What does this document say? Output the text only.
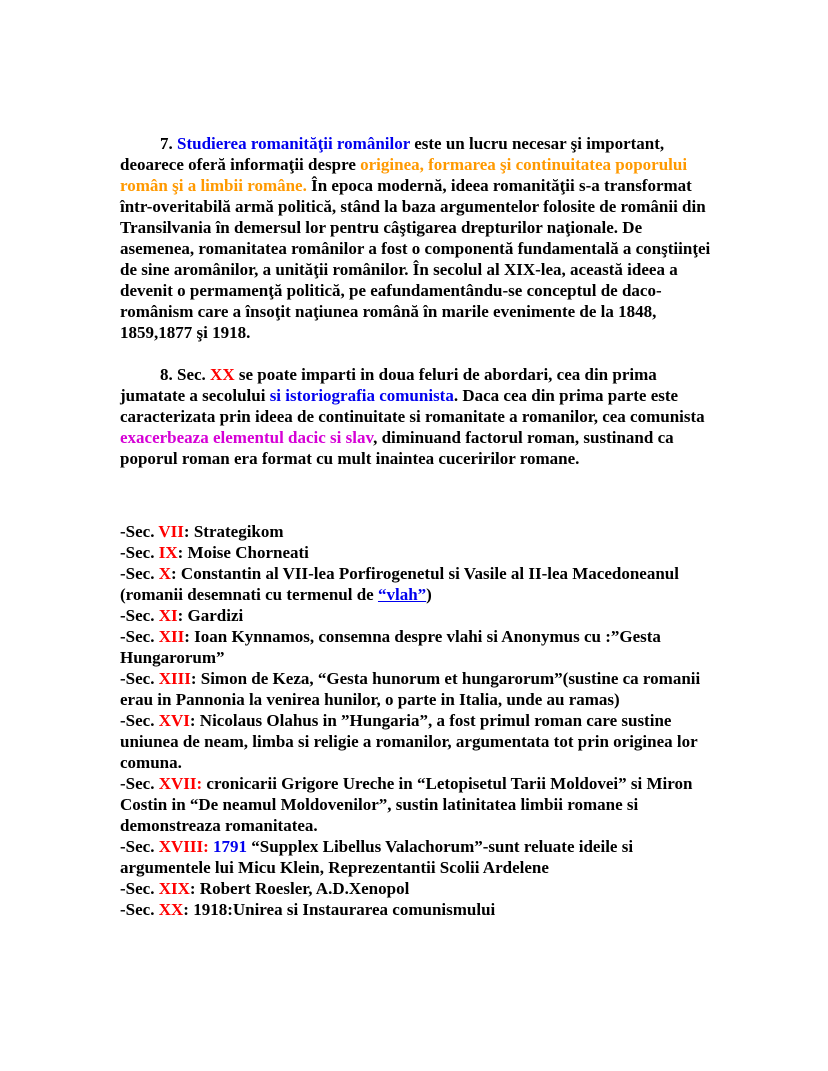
7. Studierea romanităţii românilor este un lucru necesar şi important, deoarece oferă informaţii despre originea, formarea şi continuitatea poporului român şi a limbii române. În epoca modernă, ideea romanităţii s-a transformat într-overitabilă armă politică, stând la baza argumentelor folosite de românii din Transilvania în demersul lor pentru câştigarea drepturilor naţionale. De asemenea, romanitatea românilor a fost o componentă fundamentală a conştiinţei de sine aromânilor, a unităţii românilor. În secolul al XIX-lea, această ideea a devenit o permamenţă politică, pe eafundamentându-se conceptul de daco-românism care a însoţit naţiunea română în marile evenimente de la 1848, 1859,1877 şi 1918.

8. Sec. XX se poate imparti in doua feluri de abordari, cea din prima jumatate a secolului si istoriografia comunista. Daca cea din prima parte este caracterizata prin ideea de continuitate si romanitate a romanilor, cea comunista exacerbeaza elementul dacic si slav, diminuand factorul roman, sustinand ca poporul roman era format cu mult inaintea cuceririlor romane.

-Sec. VII: Strategikom

-Sec. IX: Moise Chorneati

-Sec. X: Constantin al VII-lea Porfirogenetul si Vasile al II-lea Macedoneanul (romanii desemnati cu termenul de “vlah”)

-Sec. XI: Gardizi

-Sec. XII: Ioan Kynnamos, consemna despre vlahi si Anonymus cu :”Gesta Hungarorum”

-Sec. XIII: Simon de Keza, “Gesta hunorum et hungarorum”(sustine ca romanii erau in Pannonia la venirea hunilor, o parte in Italia, unde au ramas)

-Sec. XVI: Nicolaus Olahus in ”Hungaria”, a fost primul roman care sustine uniunea de neam, limba si religie a romanilor, argumentata tot prin originea lor comuna.

-Sec. XVII: cronicarii Grigore Ureche in “Letopisetul Tarii Moldovei” si Miron Costin in “De neamul Moldovenilor”, sustin latinitatea limbii romane si demonstreaza romanitatea.

-Sec. XVIII: 1791 “Supplex Libellus Valachorum”-sunt reluate ideile si argumentele lui Micu Klein, Reprezentantii Scolii Ardelene

-Sec. XIX: Robert Roesler, A.D.Xenopol

-Sec. XX: 1918:Unirea si Instaurarea comunismului
